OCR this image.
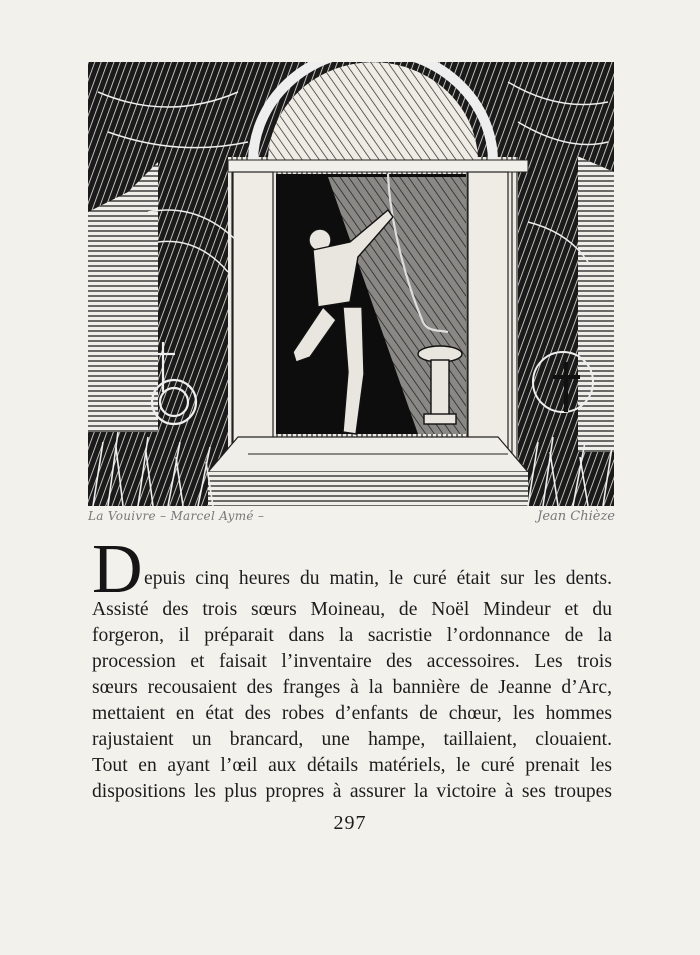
La Vouivre – Marcel Aymé –	Jean Chièze
D epuis cinq heures du matin, le curé était sur les dents.
Assisté des trois sœurs Moineau, de Noël Mindeur et du
forgeron, il préparait dans la sacristie l’ordonnance de la
procession et faisait l’inventaire des accessoires. Les trois
sœurs recousaient des franges à la bannière de Jeanne d’Arc,
mettaient en état des robes d’enfants de chœur, les hommes
rajustaient un brancard, une hampe, taillaient, clouaient.
Tout en ayant l’œil aux détails matériels, le curé prenait les
dispositions les plus propres à assurer la victoire à ses troupes
297
